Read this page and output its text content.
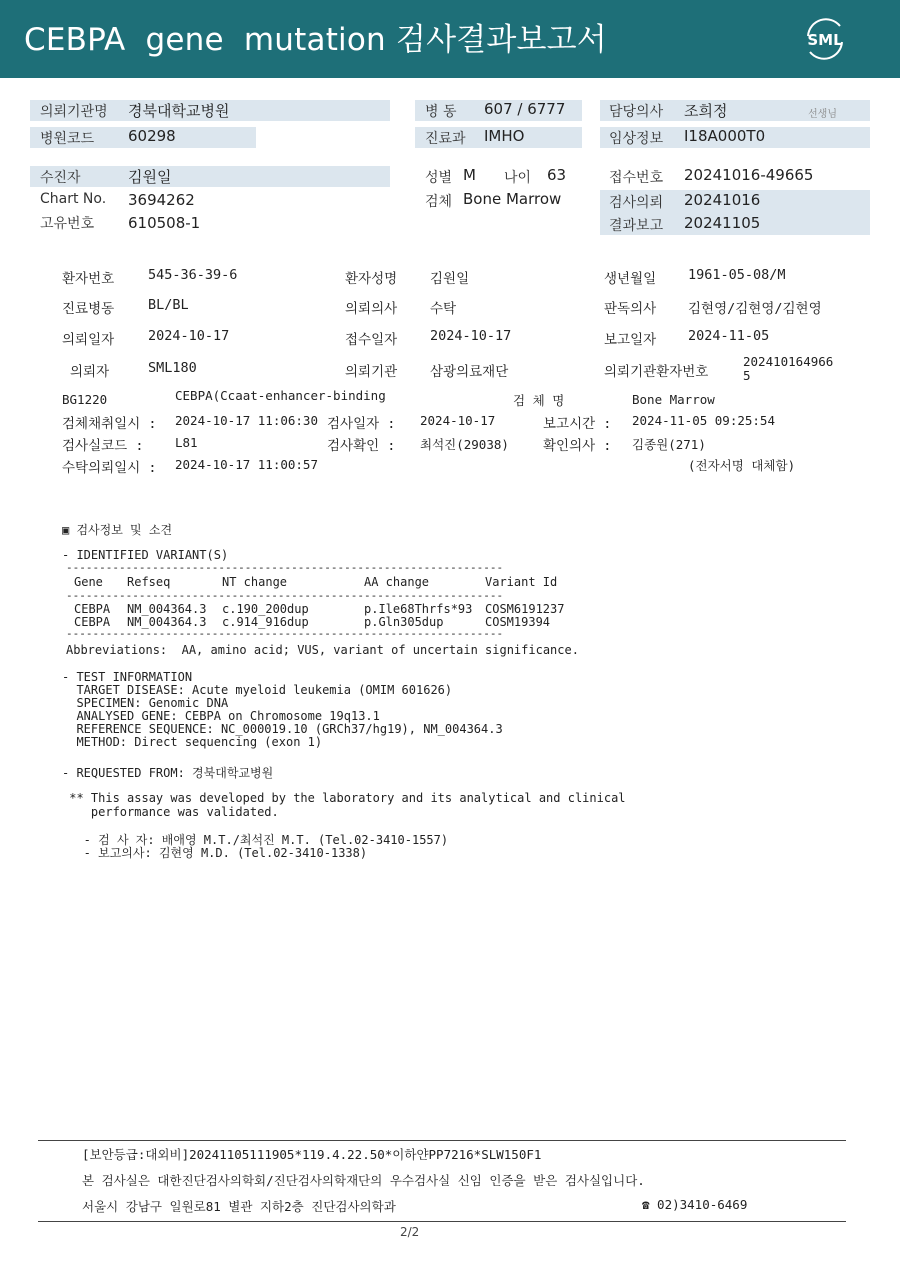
CEBPA  gene  mutation 검사결과보고서	SML
의뢰기관명 경북대학교병원
병원코드 60298
병 동 607 / 6777
진료과 IMHO
담당의사 조희정	선생님
임상정보 I18A000T0
수진자	김원일
Chart No. 3694262
고유번호 610508-1
성별 M 나이 63
검체 Bone Marrow
접수번호 20241016-49665
검사의뢰 20241016
결과보고 20241105
환자번호	545-36-39-6	환자성명 김원일	생년월일 1961-05-08/M
진료병동	BL/BL	의뢰의사 수탁	판독의사 김현영/김현영/김현영
의뢰일자	2024-10-17	접수일자 2024-10-17	보고일자 2024-11-05
의뢰자	SML180	의뢰기관 삼광의료재단	의뢰기관환자번호
202410164966
5
BG1220	CEBPA(Ccaat-enhancer-binding	검 체 명	Bone Marrow
검체채취일시 : 2024-10-17 11:06:30 검사일자 : 2024-10-17	보고시간 : 2024-11-05 09:25:54
검사실코드 :	L81	검사확인 : 최석진(29038)	확인의사 : 김종원(271)
수탁의뢰일시 : 2024-10-17 11:00:57	(전자서명 대체함)
▣ 검사정보 및 소견
- IDENTIFIED VARIANT(S)
------------------------------------------------------------------
Gene Refseq	NT change	AA change	Variant Id
------------------------------------------------------------------
CEBPA NM_004364.3 c.190_200dup	p.Ile68Thrfs*93 COSM6191237
CEBPA NM_004364.3 c.914_916dup	p.Gln305dup	COSM19394
------------------------------------------------------------------
Abbreviations:  AA, amino acid; VUS, variant of uncertain significance.
- TEST INFORMATION
TARGET DISEASE: Acute myeloid leukemia (OMIM 601626)
SPECIMEN: Genomic DNA
ANALYSED GENE: CEBPA on Chromosome 19q13.1
REFERENCE SEQUENCE: NC_000019.10 (GRCh37/hg19), NM_004364.3
METHOD: Direct sequencing (exon 1)
- REQUESTED FROM: 경북대학교병원
** This assay was developed by the laboratory and its analytical and clinical
performance was validated.
- 검 사 자: 배애영 M.T./최석진 M.T. (Tel.02-3410-1557)
- 보고의사: 김현영 M.D. (Tel.02-3410-1338)
[보안등급:대외비]20241105111905*119.4.22.50*이하얀PP7216*SLW150F1
본 검사실은 대한진단검사의학회/진단검사의학재단의 우수검사실 신임 인증을 받은 검사실입니다.
서울시 강남구 일원로81 별관 지하2층 진단검사의학과	☎ 02)3410-6469
2/2
